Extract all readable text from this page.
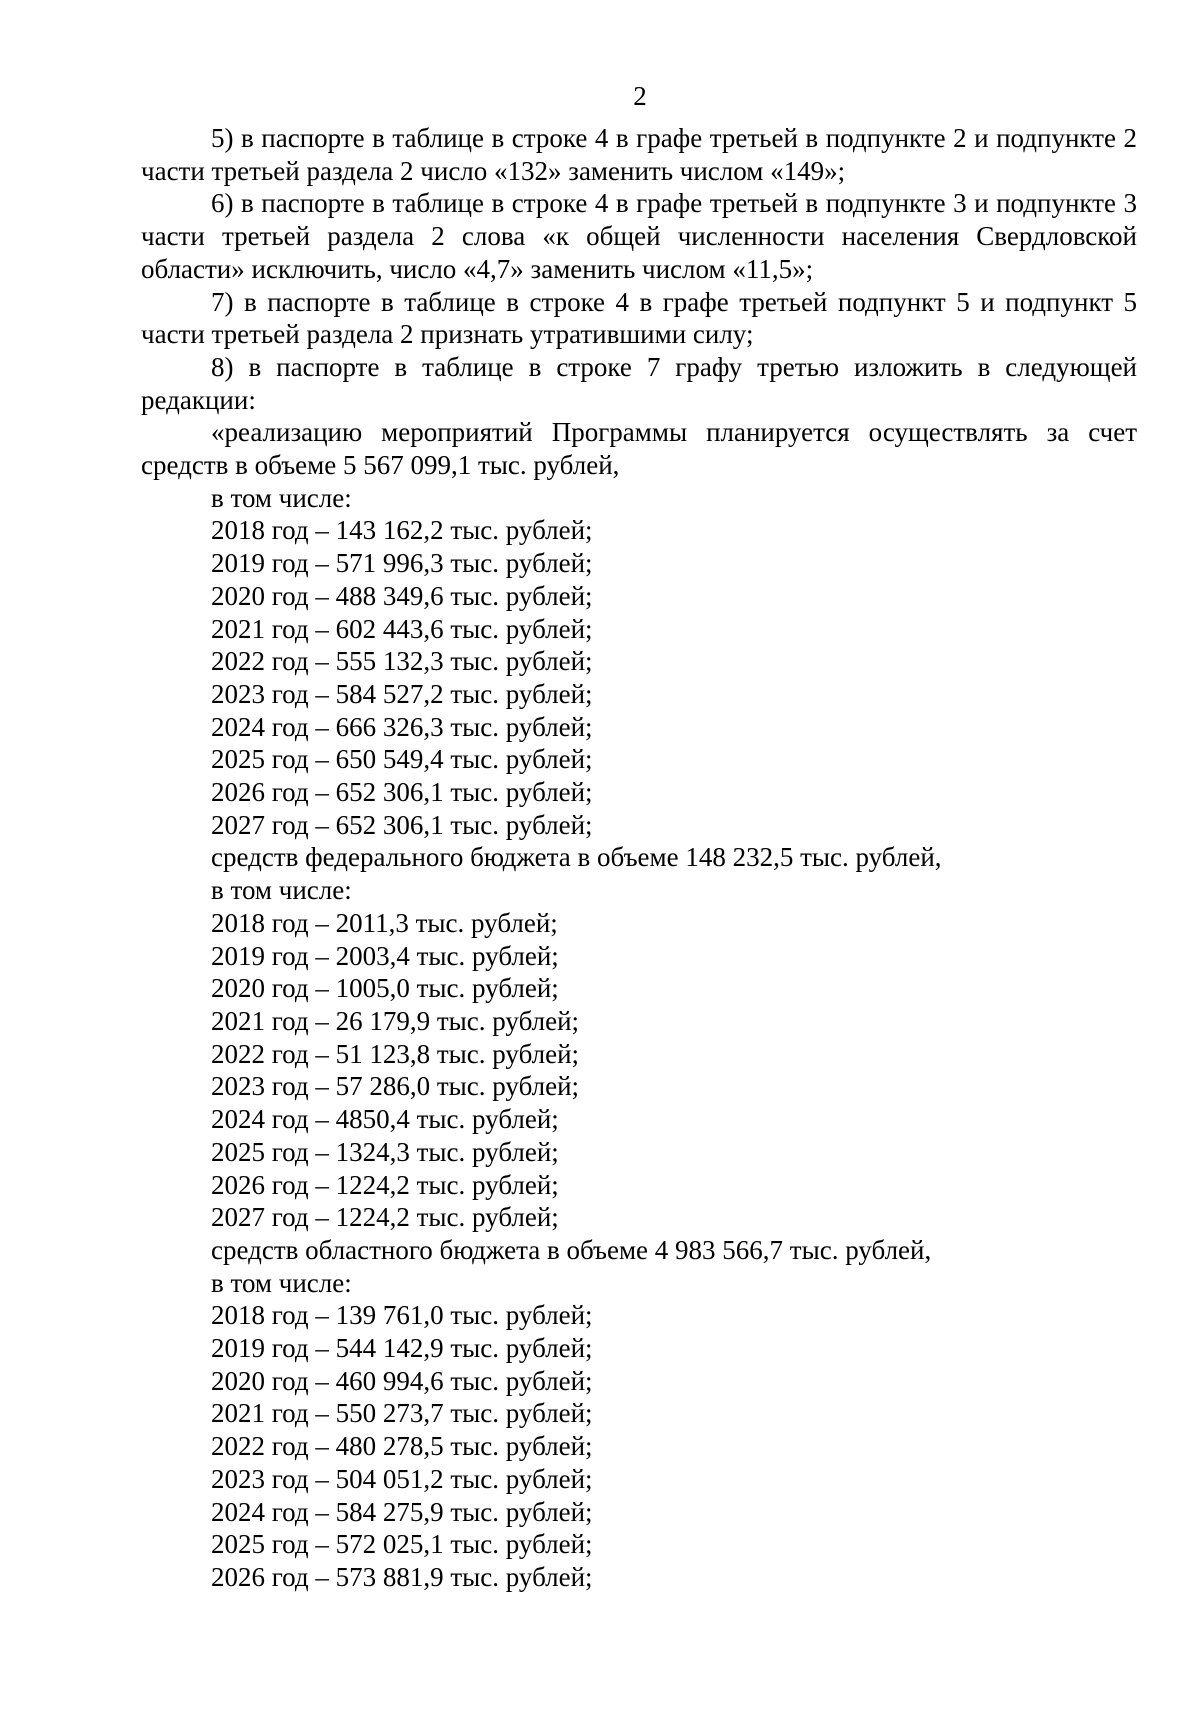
2

5) в паспорте в таблице в строке 4 в графе третьей в подпункте 2 и подпункте 2 части третьей раздела 2 число «132» заменить числом «149»;

6) в паспорте в таблице в строке 4 в графе третьей в подпункте 3 и подпункте 3 части третьей раздела 2 слова «к общей численности населения Свердловской области» исключить, число «4,7» заменить числом «11,5»;

7) в паспорте в таблице в строке 4 в графе третьей подпункт 5 и подпункт 5 части третьей раздела 2 признать утратившими силу;

8) в паспорте в таблице в строке 7 графу третью изложить в следующей редакции:

«реализацию мероприятий Программы планируется осуществлять за счет средств в объеме 5 567 099,1 тыс. рублей,

в том числе:

2018 год – 143 162,2 тыс. рублей;

2019 год – 571 996,3 тыс. рублей;

2020 год – 488 349,6 тыс. рублей;

2021 год – 602 443,6 тыс. рублей;

2022 год – 555 132,3 тыс. рублей;

2023 год – 584 527,2 тыс. рублей;

2024 год – 666 326,3 тыс. рублей;

2025 год – 650 549,4 тыс. рублей;

2026 год – 652 306,1 тыс. рублей;

2027 год – 652 306,1 тыс. рублей;

средств федерального бюджета в объеме 148 232,5 тыс. рублей,

в том числе:

2018 год – 2011,3 тыс. рублей;

2019 год – 2003,4 тыс. рублей;

2020 год – 1005,0 тыс. рублей;

2021 год – 26 179,9 тыс. рублей;

2022 год – 51 123,8 тыс. рублей;

2023 год – 57 286,0 тыс. рублей;

2024 год – 4850,4 тыс. рублей;

2025 год – 1324,3 тыс. рублей;

2026 год – 1224,2 тыс. рублей;

2027 год – 1224,2 тыс. рублей;

средств областного бюджета в объеме 4 983 566,7 тыс. рублей,

в том числе:

2018 год – 139 761,0 тыс. рублей;

2019 год – 544 142,9 тыс. рублей;

2020 год – 460 994,6 тыс. рублей;

2021 год – 550 273,7 тыс. рублей;

2022 год – 480 278,5 тыс. рублей;

2023 год – 504 051,2 тыс. рублей;

2024 год – 584 275,9 тыс. рублей;

2025 год – 572 025,1 тыс. рублей;

2026 год – 573 881,9 тыс. рублей;
